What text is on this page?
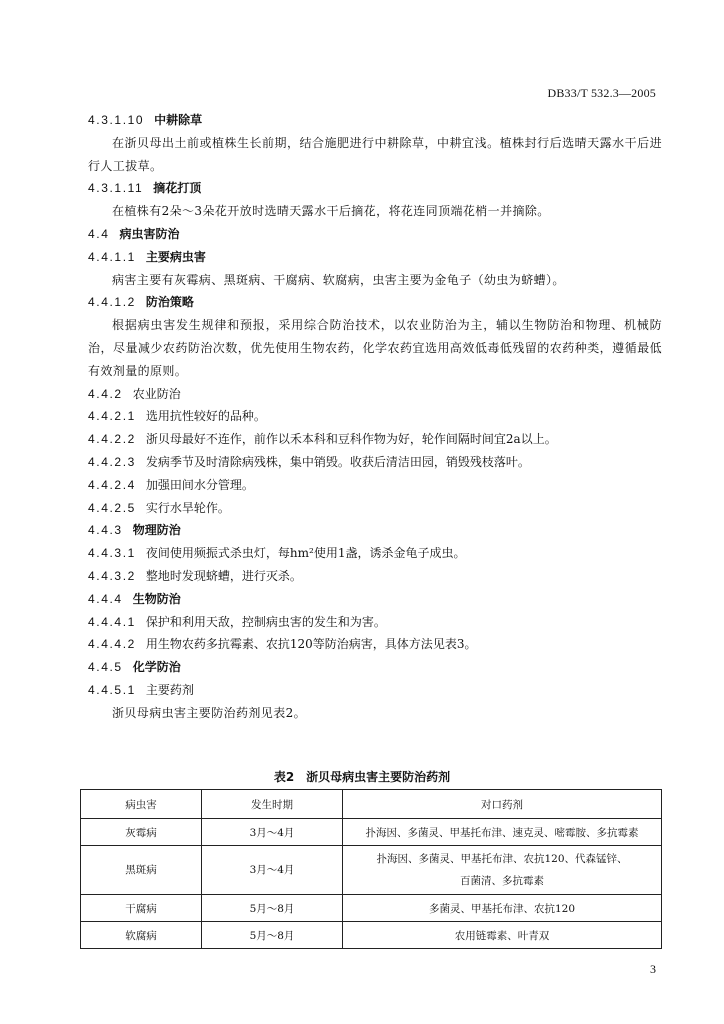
DB33/T 532.3—2005
4.3.1.10 中耕除草
在浙贝母出土前或植株生长前期，结合施肥进行中耕除草，中耕宜浅。植株封行后选晴天露水干后进行人工拔草。
4.3.1.11 摘花打顶
在植株有2朵～3朵花开放时选晴天露水干后摘花，将花连同顶端花梢一并摘除。
4.4 病虫害防治
4.4.1.1 主要病虫害
病害主要有灰霉病、黑斑病、干腐病、软腐病，虫害主要为金龟子（幼虫为蛴螬）。
4.4.1.2 防治策略
根据病虫害发生规律和预报，采用综合防治技术，以农业防治为主，辅以生物防治和物理、机械防治，尽量减少农药防治次数，优先使用生物农药，化学农药宜选用高效低毒低残留的农药种类，遵循最低有效剂量的原则。
4.4.2 农业防治
4.4.2.1 选用抗性较好的品种。
4.4.2.2 浙贝母最好不连作，前作以禾本科和豆科作物为好，轮作间隔时间宜2a以上。
4.4.2.3 发病季节及时清除病残株，集中销毁。收获后清洁田园，销毁残枝落叶。
4.4.2.4 加强田间水分管理。
4.4.2.5 实行水旱轮作。
4.4.3 物理防治
4.4.3.1 夜间使用频振式杀虫灯，每hm²使用1盏，诱杀金龟子成虫。
4.4.3.2 整地时发现蛴螬，进行灭杀。
4.4.4 生物防治
4.4.4.1 保护和利用天敌，控制病虫害的发生和为害。
4.4.4.2 用生物农药多抗霉素、农抗120等防治病害，具体方法见表3。
4.4.5 化学防治
4.4.5.1 主要药剂
浙贝母病虫害主要防治药剂见表2。
表2　浙贝母病虫害主要防治药剂
病虫害	发生时期	对口药剂
灰霉病	3月～4月	扑海因、多菌灵、甲基托布津、速克灵、嘧霉胺、多抗霉素
黑斑病	3月～4月	扑海因、多菌灵、甲基托布津、农抗120、代森锰锌、
百菌清、多抗霉素

干腐病	5月～8月	多菌灵、甲基托布津、农抗120
软腐病	5月～8月	农用链霉素、叶青双
3
